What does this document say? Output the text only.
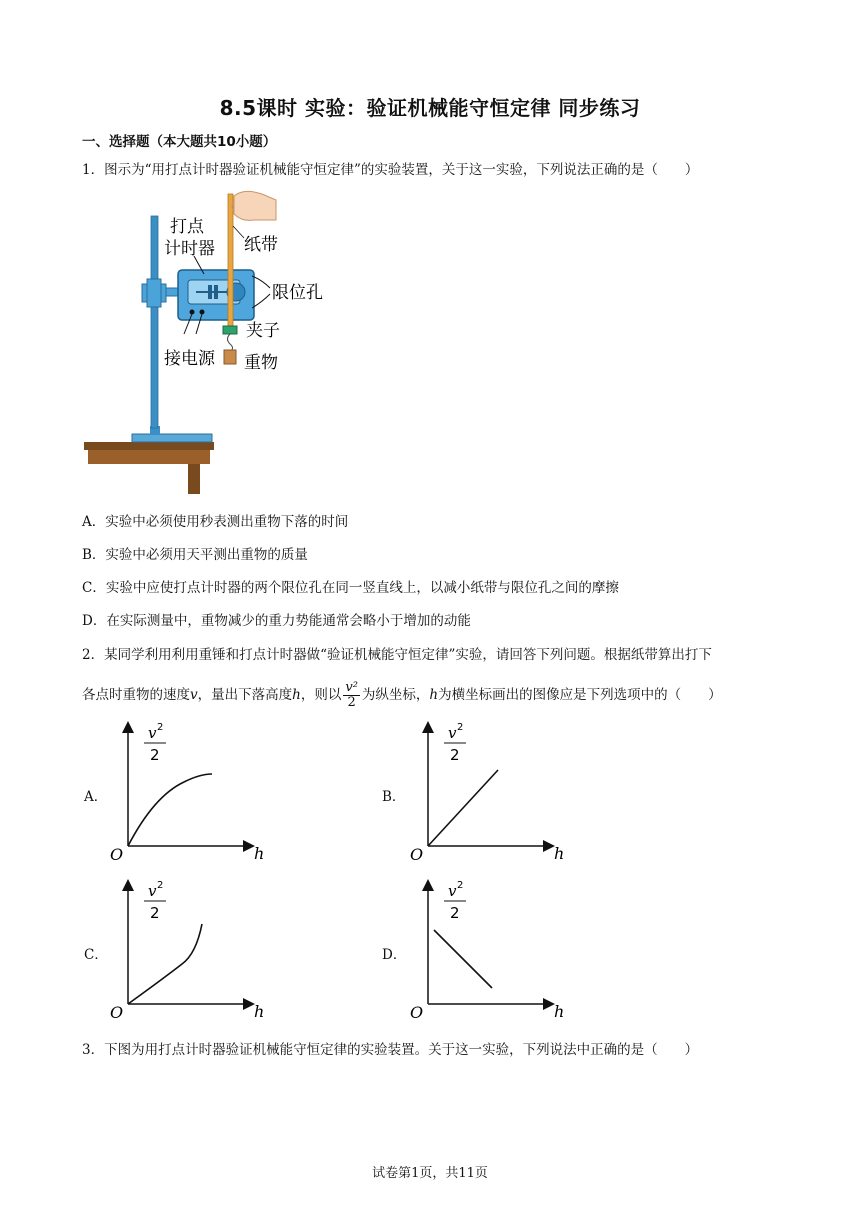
8.5课时 实验：验证机械能守恒定律 同步练习
一、选择题（本大题共10小题）
1．图示为“用打点计时器验证机械能守恒定律”的实验装置，关于这一实验，下列说法正确的是（　　）
打点
计时器 纸带
限位孔
夹子
接电源 重物
A．实验中必须使用秒表测出重物下落的时间
B．实验中必须用天平测出重物的质量
C．实验中应使打点计时器的两个限位孔在同一竖直线上，以减小纸带与限位孔之间的摩擦
D．在实际测量中，重物减少的重力势能通常会略小于增加的动能
2．某同学利用利用重锤和打点计时器做“验证机械能守恒定律”实验，请回答下列问题。根据纸带算出打下
各点时重物的速度v，量出下落高度h，则以 $\frac{\text{v²}}{2}$ 为纵坐标，h为横坐标画出的图像应是下列选项中的（　　）
A．	B．
C．	D．
v 2
2
h
O
v 2
2
h
O
v 2
2
h
O
v 2
2
h
O
3．下图为用打点计时器验证机械能守恒定律的实验装置。关于这一实验，下列说法中正确的是（　　）
试卷第1页，共11页
